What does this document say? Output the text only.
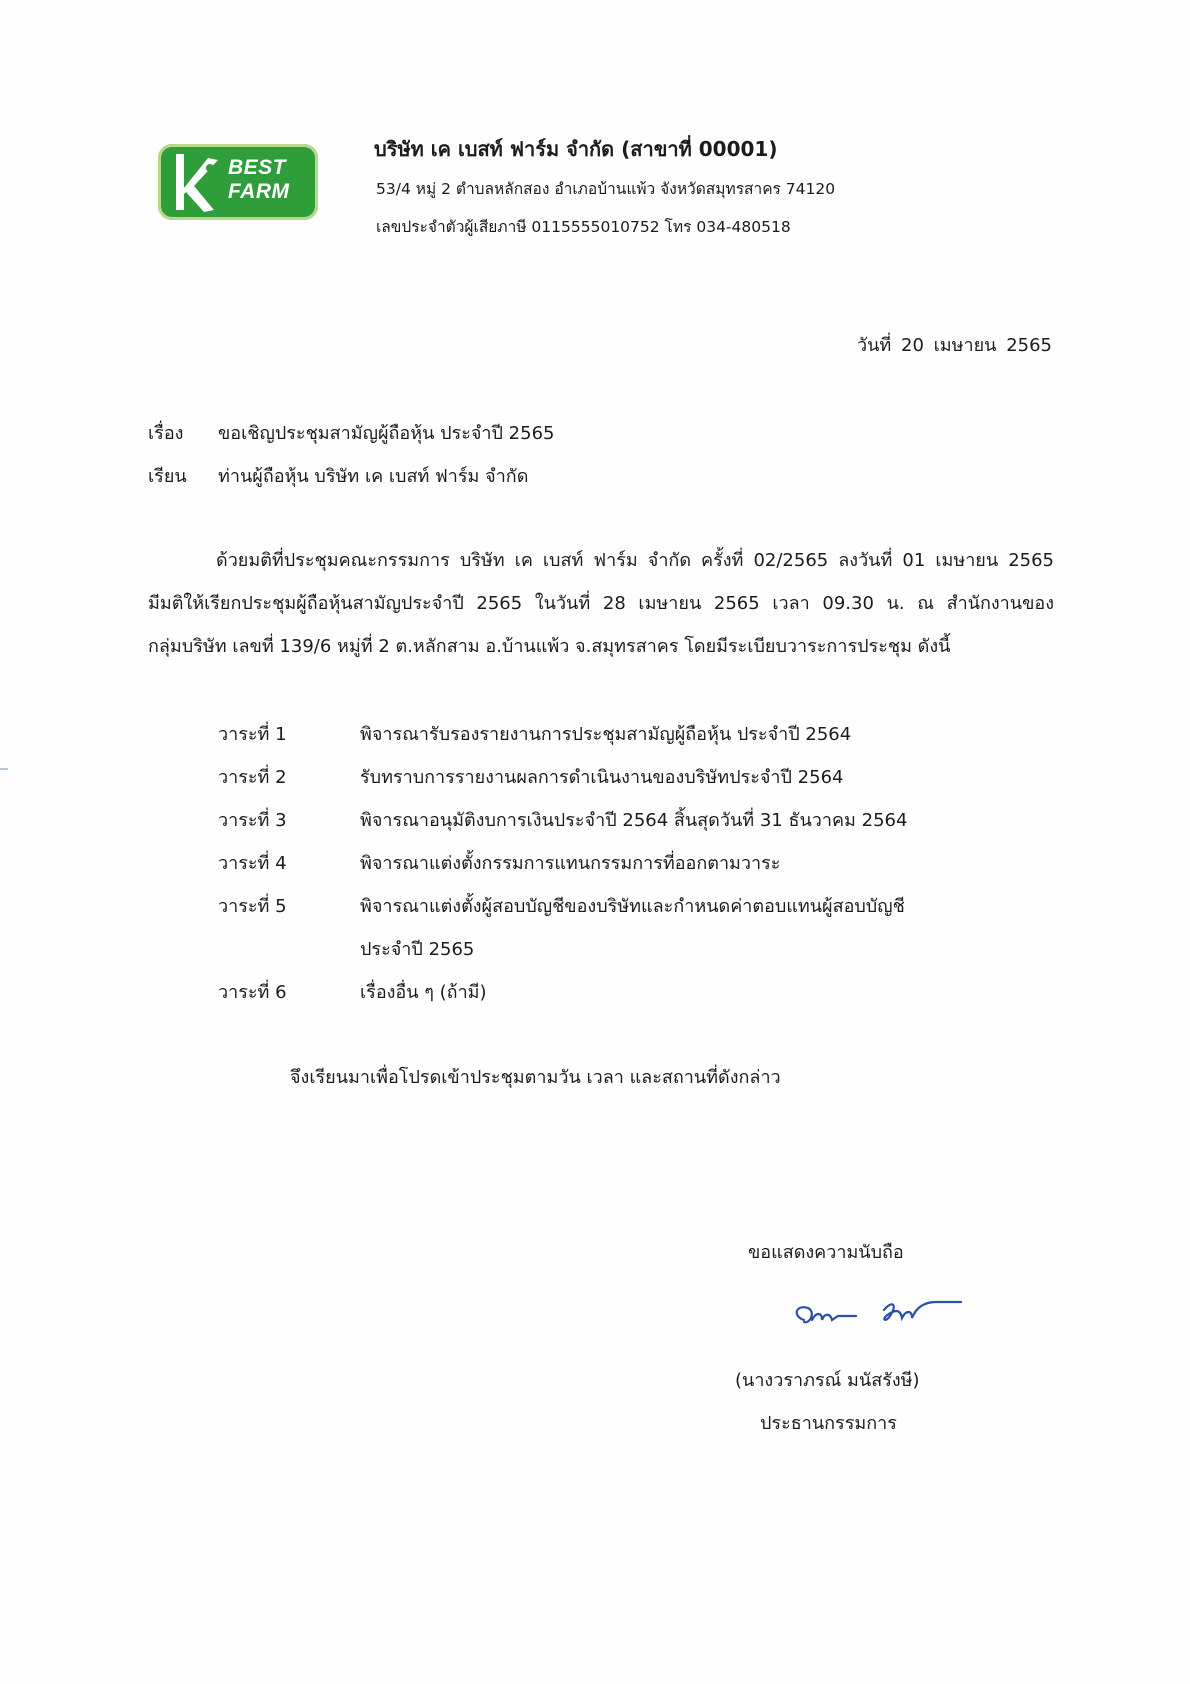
BEST
FARM
บริษัท เค เบสท์ ฟาร์ม จำกัด (สาขาที่ 00001)
53/4 หมู่ 2 ตำบลหลักสอง อำเภอบ้านแพ้ว จังหวัดสมุทรสาคร 74120
เลขประจำตัวผู้เสียภาษี 0115555010752 โทร 034-480518
วันที่ 20 เมษายน 2565
เรื่อง ขอเชิญประชุมสามัญผู้ถือหุ้น ประจำปี 2565
เรียน ท่านผู้ถือหุ้น บริษัท เค เบสท์ ฟาร์ม จำกัด
ด้วยมติที่ประชุมคณะกรรมการ บริษัท เค เบสท์ ฟาร์ม จำกัด ครั้งที่ 02/2565 ลงวันที่ 01 เมษายน 2565
มีมติให้เรียกประชุมผู้ถือหุ้นสามัญประจำปี 2565 ในวันที่ 28 เมษายน 2565 เวลา 09.30 น. ณ สำนักงานของ
กลุ่มบริษัท เลขที่ 139/6 หมู่ที่ 2 ต.หลักสาม อ.บ้านแพ้ว จ.สมุทรสาคร โดยมีระเบียบวาระการประชุม ดังนี้
วาระที่ 1	พิจารณารับรองรายงานการประชุมสามัญผู้ถือหุ้น ประจำปี 2564
วาระที่ 2	รับทราบการรายงานผลการดำเนินงานของบริษัทประจำปี 2564
วาระที่ 3	พิจารณาอนุมัติงบการเงินประจำปี 2564 สิ้นสุดวันที่ 31 ธันวาคม 2564
วาระที่ 4	พิจารณาแต่งตั้งกรรมการแทนกรรมการที่ออกตามวาระ
วาระที่ 5	พิจารณาแต่งตั้งผู้สอบบัญชีของบริษัทและกำหนดค่าตอบแทนผู้สอบบัญชี
ประจำปี 2565
วาระที่ 6	เรื่องอื่น ๆ (ถ้ามี)
จึงเรียนมาเพื่อโปรดเข้าประชุมตามวัน เวลา และสถานที่ดังกล่าว
ขอแสดงความนับถือ
(นางวราภรณ์ มนัสรังษี)
ประธานกรรมการ
